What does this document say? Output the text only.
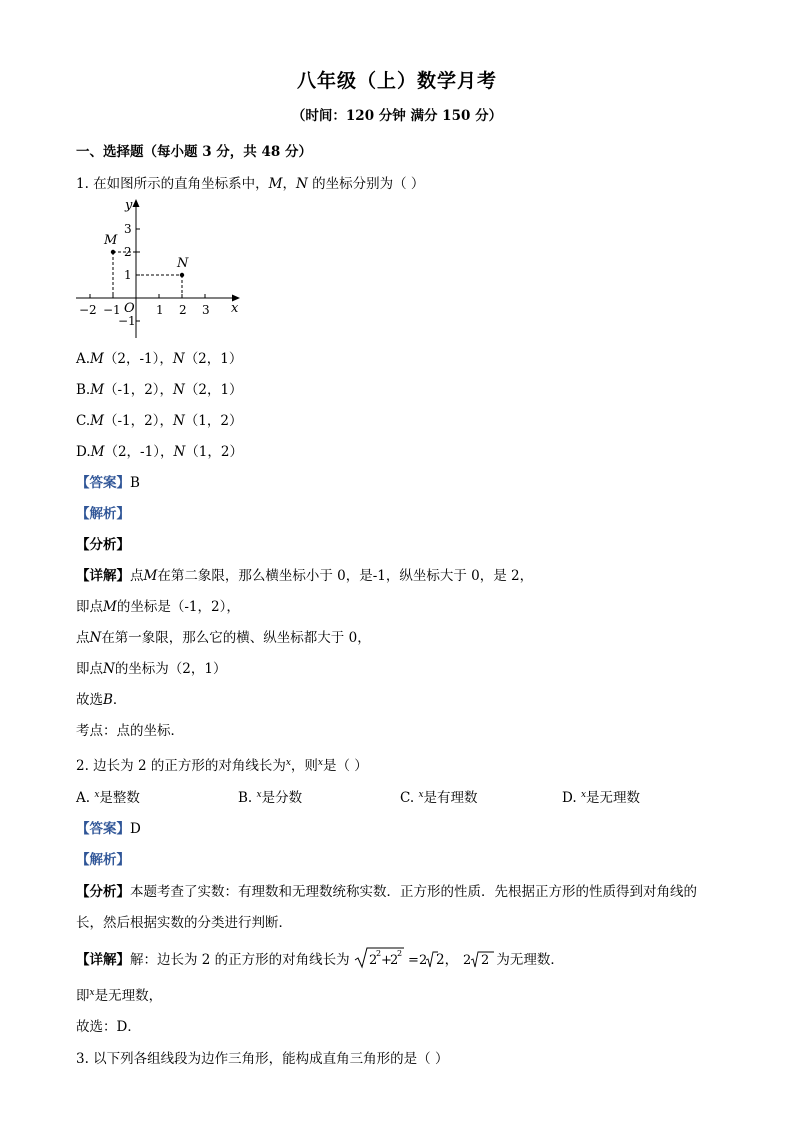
八年级（上）数学月考
（时间：120 分钟 满分 150 分）
一、选择题（每小题 3 分，共 48 分）
1. 在如图所示的直角坐标系中，M，N 的坐标分别为（ ）
M
N
y
x
O
3
2
1
−1
−2 −1	1 2 3
A.M（2，-1），N（2，1）
B.M（-1，2），N（2，1）
C.M（-1，2），N（1，2）
D.M（2，-1），N（1，2）
【答案】B
【解析】
【分析】
【详解】点M在第二象限，那么横坐标小于 0，是-1，纵坐标大于 0，是 2，
即点M的坐标是（-1，2），
点N在第一象限，那么它的横、纵坐标都大于 0，
即点N的坐标为（2，1）
故选B．
考点：点的坐标．
2. 边长为 2 的正方形的对角线长为$^x$，则$^x$是（ ）
A. $^x$是整数	B. $^x$是分数	C. $^x$是有理数	D. $^x$是无理数
【答案】D
【解析】
【分析】本题考查了实数：有理数和无理数统称实数．正方形的性质．先根据正方形的性质得到对角线的
长，然后根据实数的分类进行判断．
【详解】解：边长为 2 的正方形的对角线长为 2
2 +
2
2 = 2 2， 2 2 为无理数．
即$^x$是无理数，
故选：D．
3. 以下列各组线段为边作三角形，能构成直角三角形的是（ ）
